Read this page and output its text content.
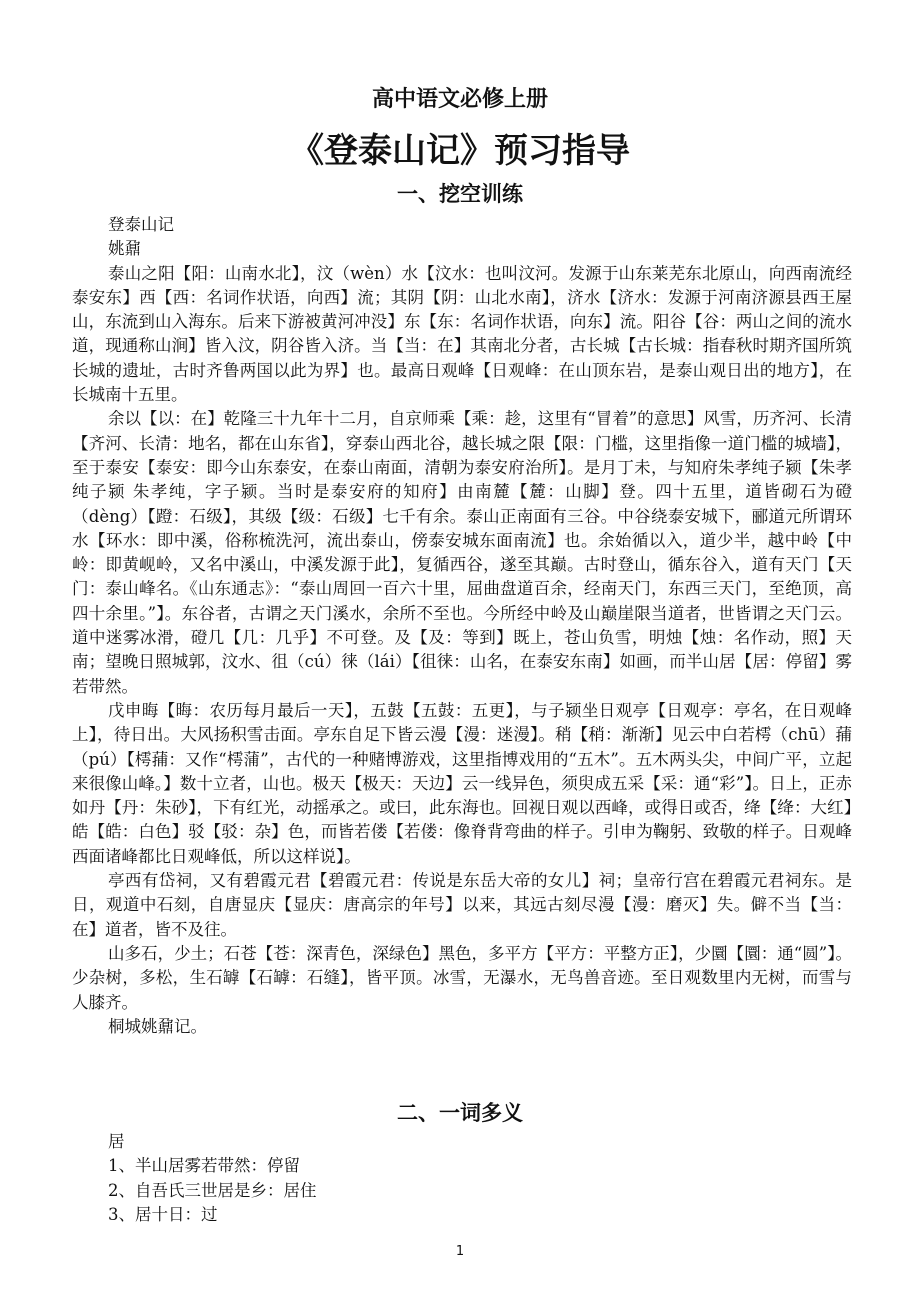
高中语文必修上册
《登泰山记》预习指导
一、挖空训练
登泰山记
姚鼐

泰山之阳【阳：山南水北】，汶（wèn）水【汶水：也叫汶河。发源于山东莱芜东北原山，向西南流经泰安东】西【西：名词作状语，向西】流；其阴【阴：山北水南】，济水【济水：发源于河南济源县西王屋山，东流到山入海东。后来下游被黄河冲没】东【东：名词作状语，向东】流。阳谷【谷：两山之间的流水道，现通称山涧】皆入汶，阴谷皆入济。当【当：在】其南北分者，古长城【古长城：指春秋时期齐国所筑长城的遗址，古时齐鲁两国以此为界】也。最高日观峰【日观峰：在山顶东岩，是泰山观日出的地方】，在长城南十五里。

余以【以：在】乾隆三十九年十二月，自京师乘【乘：趁，这里有“冒着”的意思】风雪，历齐河、长清【齐河、长清：地名，都在山东省】，穿泰山西北谷，越长城之限【限：门槛，这里指像一道门槛的城墙】，至于泰安【泰安：即今山东泰安，在泰山南面，清朝为泰安府治所】。是月丁未，与知府朱孝纯子颍【朱孝纯子颍 朱孝纯，字子颍。当时是泰安府的知府】由南麓【麓：山脚】登。四十五里，道皆砌石为磴（dèng）【蹬：石级】，其级【级：石级】七千有余。泰山正南面有三谷。中谷绕泰安城下，郦道元所谓环水【环水：即中溪，俗称梳洗河，流出泰山，傍泰安城东面南流】也。余始循以入，道少半，越中岭【中岭：即黄岘岭，又名中溪山，中溪发源于此】，复循西谷，遂至其巅。古时登山，循东谷入，道有天门【天门：泰山峰名。《山东通志》：“泰山周回一百六十里，屈曲盘道百余，经南天门，东西三天门，至绝顶，高四十余里。”】。东谷者，古谓之天门溪水，余所不至也。今所经中岭及山巅崖限当道者，世皆谓之天门云。道中迷雾冰滑，磴几【几：几乎】不可登。及【及：等到】既上，苍山负雪，明烛【烛：名作动，照】天南；望晚日照城郭，汶水、徂（cú）徕（lái）【徂徕：山名，在泰安东南】如画，而半山居【居：停留】雾若带然。

戊申晦【晦：农历每月最后一天】，五鼓【五鼓：五更】，与子颍坐日观亭【日观亭：亭名，在日观峰上】，待日出。大风扬积雪击面。亭东自足下皆云漫【漫：迷漫】。稍【稍：渐渐】见云中白若樗（chū）蒱（pú）【樗蒱：又作“樗蒲”，古代的一种赌博游戏，这里指博戏用的“五木”。五木两头尖，中间广平，立起来很像山峰。】数十立者，山也。极天【极天：天边】云一线异色，须臾成五采【采：通“彩”】。日上，正赤如丹【丹：朱砂】，下有红光，动摇承之。或曰，此东海也。回视日观以西峰，或得日或否，绛【绛：大红】皓【皓：白色】驳【驳：杂】色，而皆若偻【若偻：像脊背弯曲的样子。引申为鞠躬、致敬的样子。日观峰西面诸峰都比日观峰低，所以这样说】。

亭西有岱祠，又有碧霞元君【碧霞元君：传说是东岳大帝的女儿】祠；皇帝行宫在碧霞元君祠东。是日，观道中石刻，自唐显庆【显庆：唐高宗的年号】以来，其远古刻尽漫【漫：磨灭】失。僻不当【当：在】道者，皆不及往。

山多石，少土；石苍【苍：深青色，深绿色】黑色，多平方【平方：平整方正】，少圜【圜：通“圆”】。少杂树，多松，生石罅【石罅：石缝】，皆平顶。冰雪，无瀑水，无鸟兽音迹。至日观数里内无树，而雪与人膝齐。

桐城姚鼐记。

二、一词多义
居
1、半山居雾若带然：停留
2、自吾氏三世居是乡：居住
3、居十日：过
1
